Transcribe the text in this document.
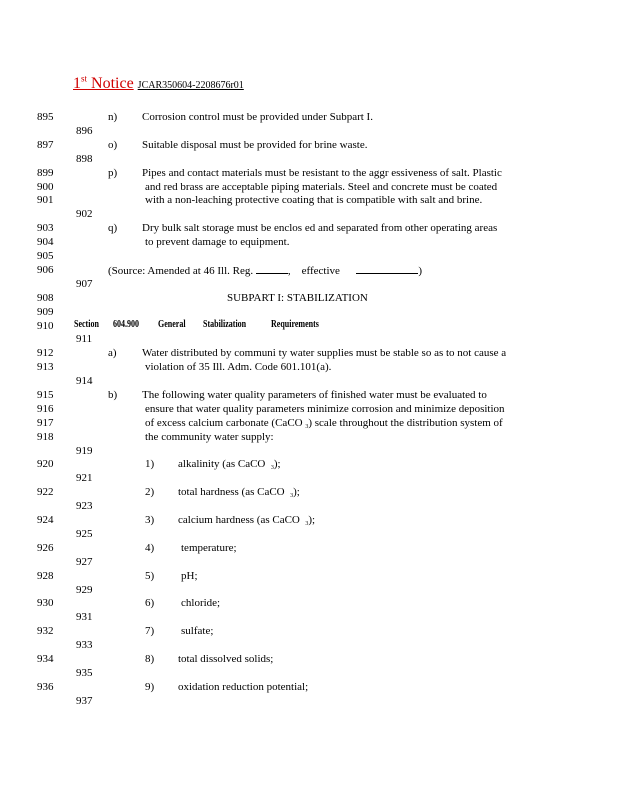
1st Notice JCAR350604-2208676r01
895
896
897
898
899
900
901
902
903
904
905
906
907
908
909
910
911
912
913
914
915
916
917
918
919
920
921
922
923
924
925
926
927
928
929
930
931
932
933
934
935
936
937
n) Corrosion control must be provided under Subpart I.
o) Suitable disposal must be provided for brine waste.
p) Pipes and contact materials must be resistant to the aggr essiveness of salt. Plastic
and red brass are acceptable piping materials. Steel and concrete must be coated
with a non-leaching protective coating that is compatible with salt and brine.
q) Dry bulk salt storage must be enclos ed and separated from other operating areas
to prevent damage to equipment.
(Source: Amended at 46 Ill. Reg.	, effective	)
SUBPART I: STABILIZATION
Section 604.900 General Stabilization	Requirements
a) Water distributed by communi ty water supplies must be stable so as to not cause a
violation of 35 Ill. Adm. Code 601.101(a).
b) The following water quality parameters of finished water must be evaluated to
ensure that water quality parameters minimize corrosion and minimize deposition
of excess calcium carbonate (CaCO $_3$) scale throughout the distribution system of
the community water supply:
1) alkalinity (as CaCO $_3$);
2) total hardness (as CaCO $_3$);
3) calcium hardness (as CaCO $_3$);
4) temperature;
5) pH;
6) chloride;
7) sulfate;
8) total dissolved solids;
9) oxidation reduction potential;
